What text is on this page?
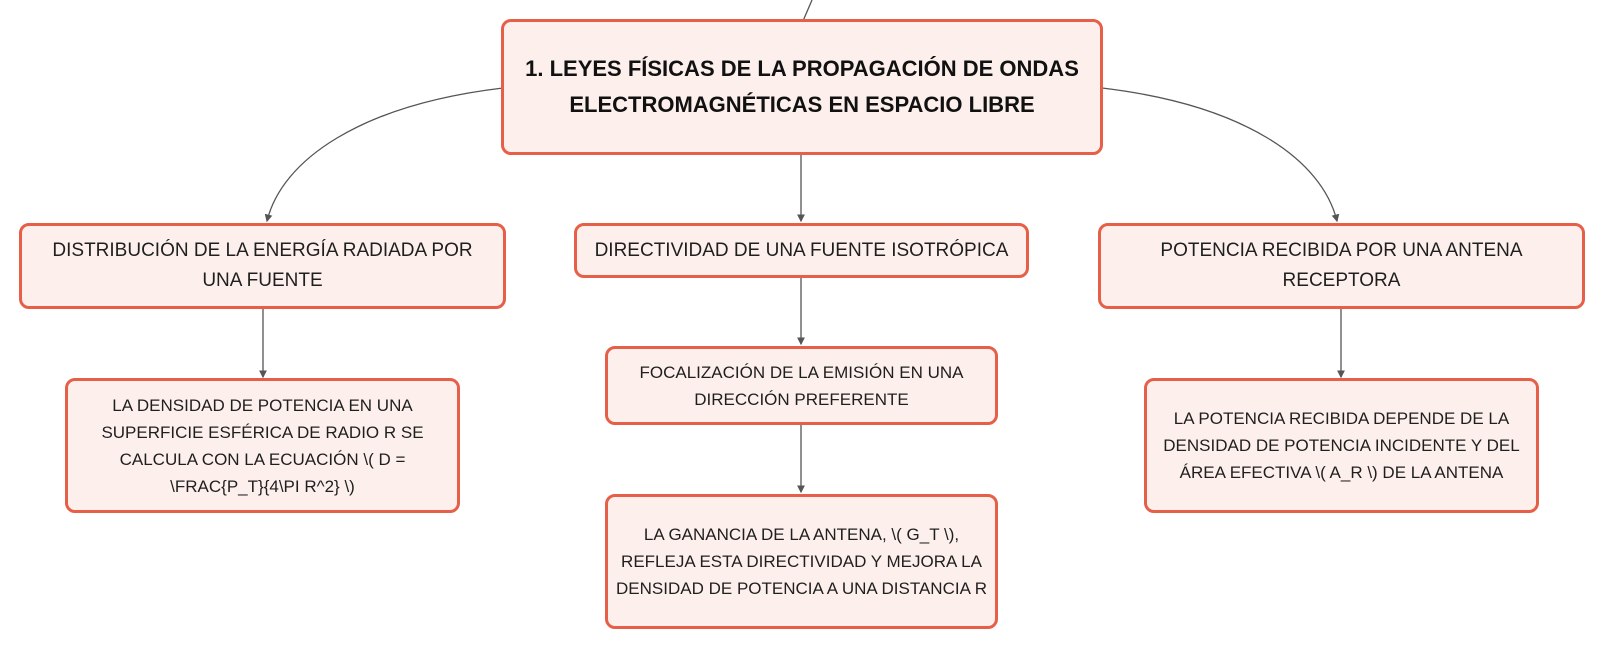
1. LEYES FÍSICAS DE LA PROPAGACIÓN DE ONDAS ELECTROMAGNÉTICAS EN ESPACIO LIBRE
DISTRIBUCIÓN DE LA ENERGÍA RADIADA POR UNA FUENTE
DIRECTIVIDAD DE UNA FUENTE ISOTRÓPICA	POTENCIA RECIBIDA POR UNA ANTENA RECEPTORA
LA DENSIDAD DE POTENCIA EN UNA SUPERFICIE ESFÉRICA DE RADIO R SE CALCULA CON LA ECUACIÓN \( D = \FRAC{P_T}{4\PI R^2} \)
FOCALIZACIÓN DE LA EMISIÓN EN UNA DIRECCIÓN PREFERENTE
LA GANANCIA DE LA ANTENA, \( G_T \), REFLEJA ESTA DIRECTIVIDAD Y MEJORA LA DENSIDAD DE POTENCIA A UNA DISTANCIA R
LA POTENCIA RECIBIDA DEPENDE DE LA DENSIDAD DE POTENCIA INCIDENTE Y DEL ÁREA EFECTIVA \( A_R \) DE LA ANTENA
